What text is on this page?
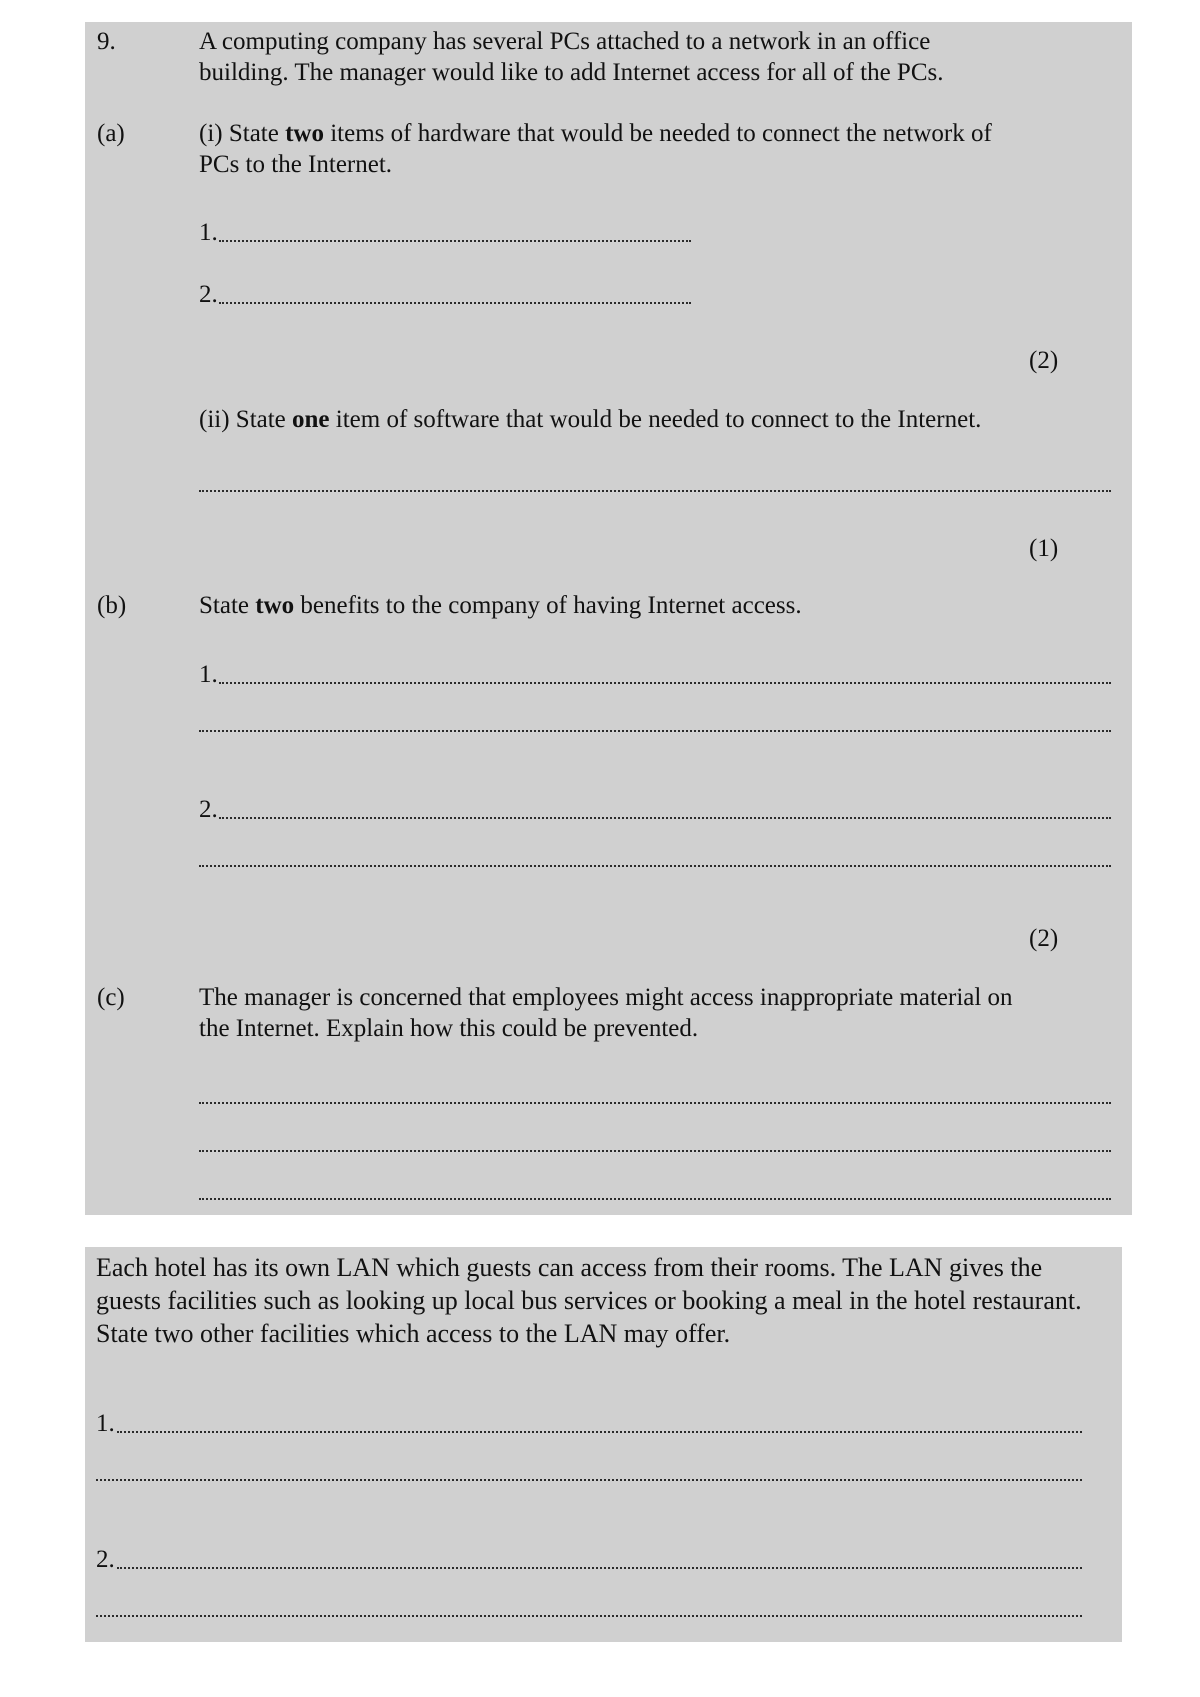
9.	A computing company has several PCs attached to a network in an office
building. The manager would like to add Internet access for all of the PCs.
(a)	(i) State two items of hardware that would be needed to connect the network of
PCs to the Internet.
1.
2.
(2)
(ii) State one item of software that would be needed to connect to the Internet.
(1)
(b)	State two benefits to the company of having Internet access.
1.
2.
(2)
(c)	The manager is concerned that employees might access inappropriate material on
the Internet. Explain how this could be prevented.
Each hotel has its own LAN which guests can access from their rooms. The LAN gives the guests facilities such as looking up local bus services or booking a meal in the hotel restaurant. State two other facilities which access to the LAN may offer.
1.
2.
